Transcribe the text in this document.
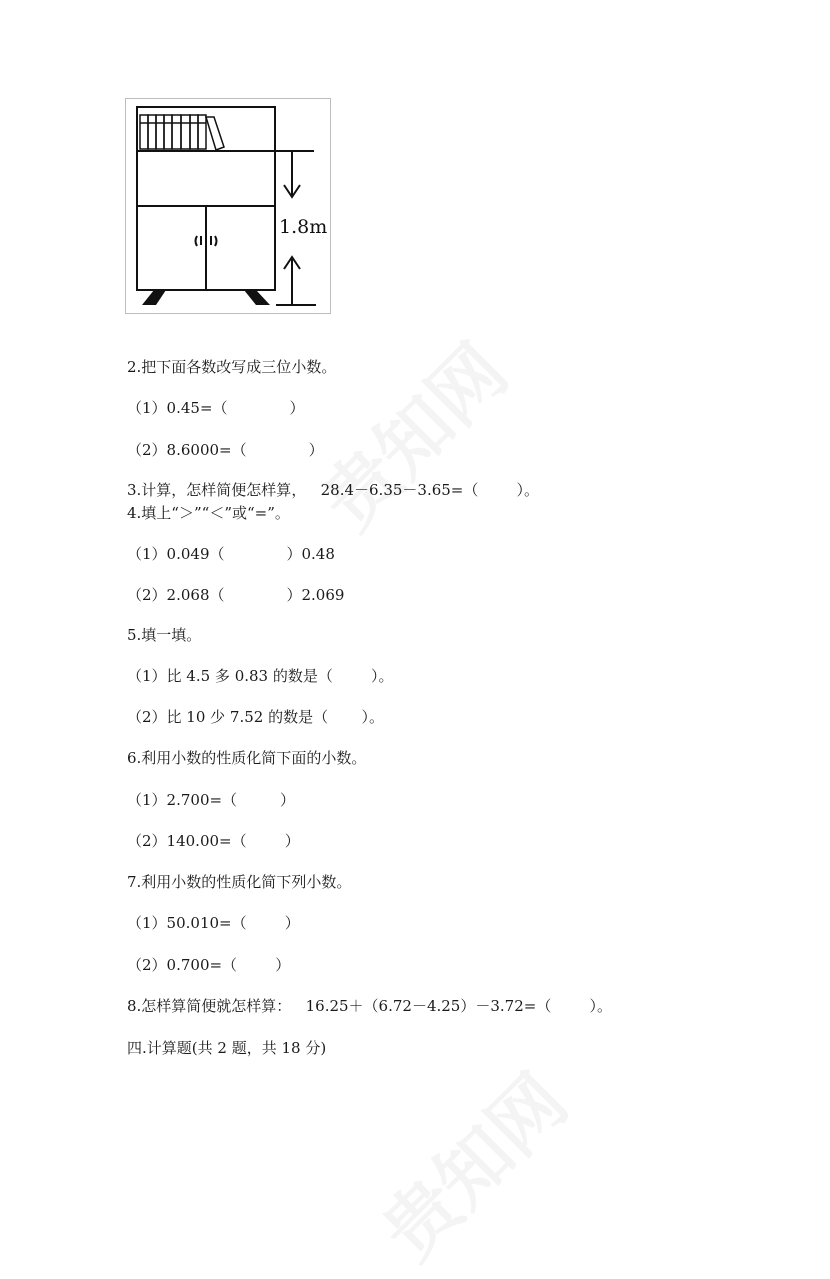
1.8m
2.把下面各数改写成三位小数。
（1）0.45=（             ）
（2）8.6000=（             ）
3.计算，怎样简便怎样算，   28.4－6.35－3.65=（        ）。
4.填上“＞”“＜”或“=”。
（1）0.049（             ）0.48
（2）2.068（             ）2.069
5.填一填。
（1）比 4.5 多 0.83 的数是（        ）。
（2）比 10 少 7.52 的数是（       ）。
6.利用小数的性质化简下面的小数。
（1）2.700=（         ）
（2）140.00=（        ）
7.利用小数的性质化简下列小数。
（1）50.010=（        ）
（2）0.700=（        ）
8.怎样算简便就怎样算：   16.25＋（6.72－4.25）－3.72=（        ）。
四.计算题(共 2 题，共 18 分)
